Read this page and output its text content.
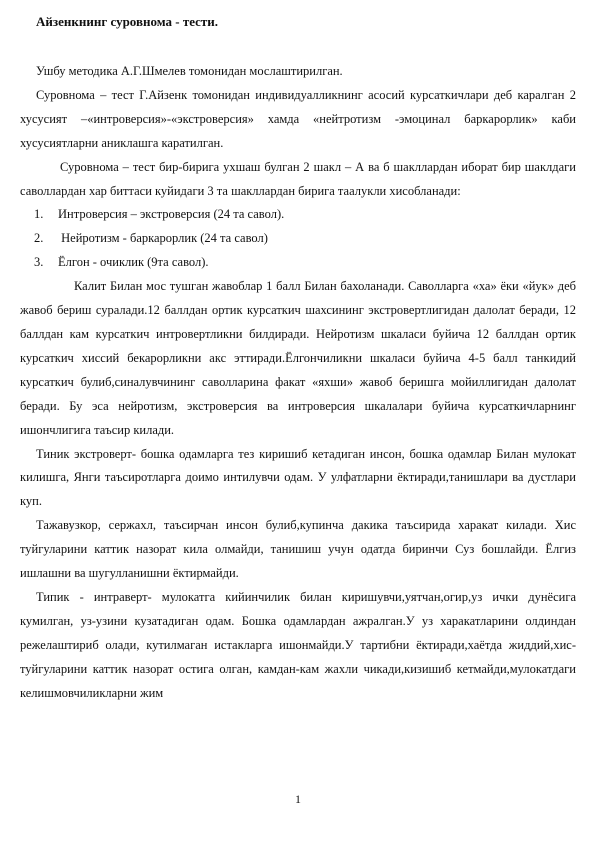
Айзенкнинг суровнома - тести.

Ушбу методика А.Г.Шмелев томонидан мослаштирилган.

Суровнома – тест Г.Айзенк томонидан индивидуалликнинг асосий курсаткичлари деб каралган 2 хусусият –«интроверсия»-«экстроверсия» хамда «нейтротизм -эмоцинал баркарорлик» каби хусусиятларни аниклашга каратилган.

Суровнома – тест бир-бирига ухшаш булган 2 шакл – А ва б шакллардан иборат бир шаклдаги саволлардан хар биттаси куйидаги 3 та шакллардан бирига таалукли хисобланади:

1. Интроверсия – экстроверсия (24 та савол).
2. Нейротизм - баркарорлик (24 та савол)
3. Ёлгон - очиклик (9та савол).

Калит Билан мос тушган жавоблар 1 балл Билан бахоланади. Саволларга «ха» ёки «йук» деб жавоб бериш суралади.12 баллдан ортик курсаткич шахсининг экстровертлигидан далолат беради, 12 баллдан кам курсаткич интровертликни билдиради. Нейротизм шкаласи буйича 12 баллдан ортик курсаткич хиссий бекарорликни акс эттиради.Ёлгончиликни шкаласи буйича 4-5 балл танкидий курсаткич булиб,синалувчининг саволларина факат «яхши» жавоб беришга мойиллигидан далолат беради. Бу эса нейротизм, экстроверсия ва интроверсия шкалалари буйича курсаткичларнинг ишончлигига таъсир килади.

Тиник экстроверт- бошка одамларга тез киришиб кетадиган инсон, бошка одамлар Билан мулокат килишга, Янги таъсиротларга доимо интилувчи одам. У улфатларни ёктиради,танишлари ва дустлари куп.

Тажавузкор, сержахл, таъсирчан инсон булиб,купинча дакика таъсирида харакат килади. Хис туйгуларини каттик назорат кила олмайди, танишиш учун одатда биринчи Суз бошлайди. Ёлгиз ишлашни ва шугулланишни ёктирмайди.

Типик - интраверт- мулокатга кийинчилик билан киришувчи,уятчан,огир,уз ички дунёсига кумилган, уз-узини кузатадиган одам. Бошка одамлардан ажралган.У уз харакатларини олдиндан режелаштириб олади, кутилмаган истакларга ишонмайди.У тартибни ёктиради,хаётда жиддий,хис-туйгуларини каттик назорат остига олган, камдан-кам жахли чикади,кизишиб кетмайди,мулокатдаги келишмовчиликларни жим

1
